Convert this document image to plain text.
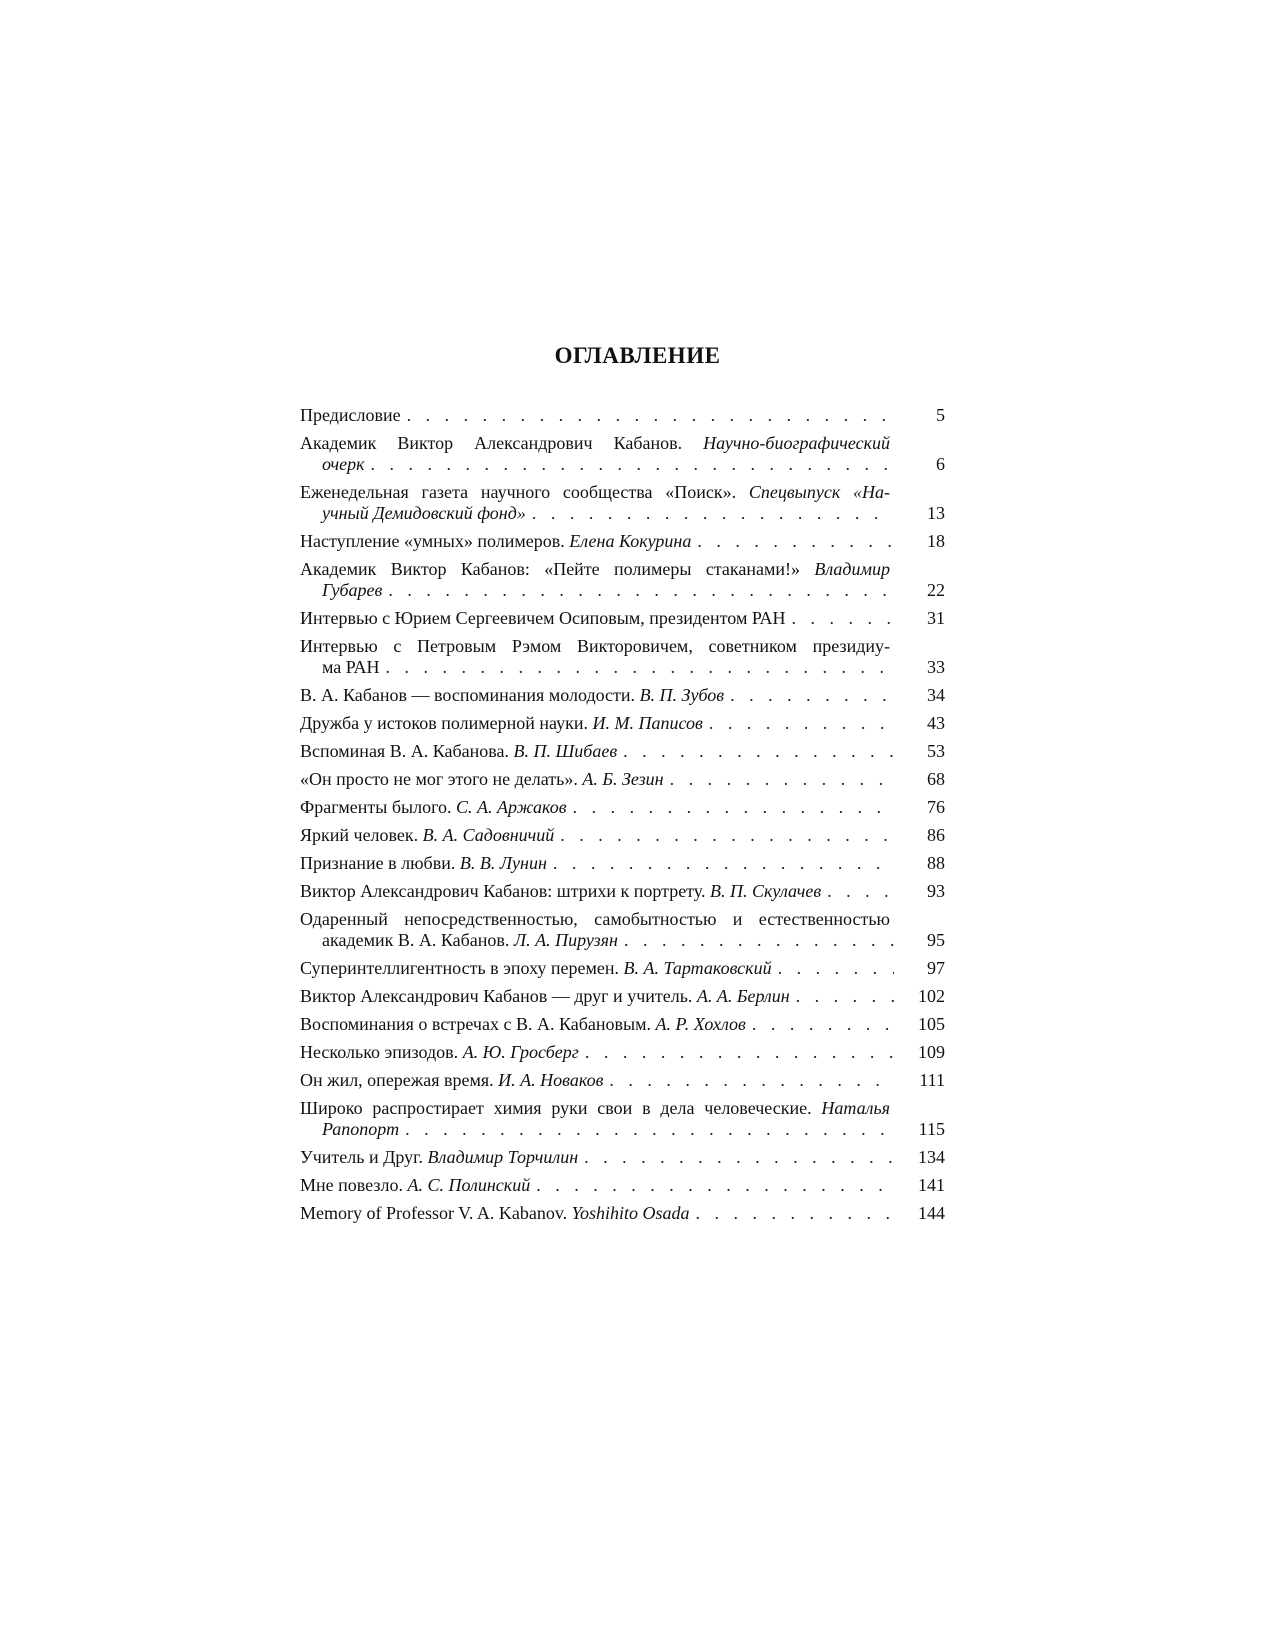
ОГЛАВЛЕНИЕ
Предисловие . . .	5
Академик Виктор Александрович Кабанов. Научно-биографический
очерк . . .	6
Еженедельная газета научного сообщества «Поиск». Спецвыпуск «На-
учный Демидовский фонд» . . .	13
Наступление «умных» полимеров. Елена Кокурина . . .	18
Академик Виктор Кабанов: «Пейте полимеры стаканами!» Владимир
Губарев . . .	22
Интервью с Юрием Сергеевичем Осиповым, президентом РАН . . .	31
Интервью с Петровым Рэмом Викторовичем, советником президиу-
ма РАН . . .	33
В. А. Кабанов — воспоминания молодости. В. П. Зубов . . .	34
Дружба у истоков полимерной науки. И. М. Паписов . . .	43
Вспоминая В. А. Кабанова. В. П. Шибаев . . .	53
«Он просто не мог этого не делать». А. Б. Зезин . . .	68
Фрагменты былого. С. А. Аржаков . . .	76
Яркий человек. В. А. Садовничий . . .	86
Признание в любви. В. В. Лунин . . .	88
Виктор Александрович Кабанов: штрихи к портрету. В. П. Скулачев . . .	93
Одаренный непосредственностью, самобытностью и естественностью
академик В. А. Кабанов. Л. А. Пирузян . . .	95
Суперинтеллигентность в эпоху перемен. В. А. Тартаковский . . .	97
Виктор Александрович Кабанов — друг и учитель. А. А. Берлин . . .	102
Воспоминания о встречах с В. А. Кабановым. А. Р. Хохлов . . .	105
Несколько эпизодов. А. Ю. Гросберг . . .	109
Он жил, опережая время. И. А. Новаков . . .	111
Широко распростирает химия руки свои в дела человеческие. Наталья
Рапопорт . . .	115
Учитель и Друг. Владимир Торчилин . . .	134
Мне повезло. А. С. Полинский . . .	141
Memory of Professor V. A. Kabanov. Yoshihito Osada . . .	144
